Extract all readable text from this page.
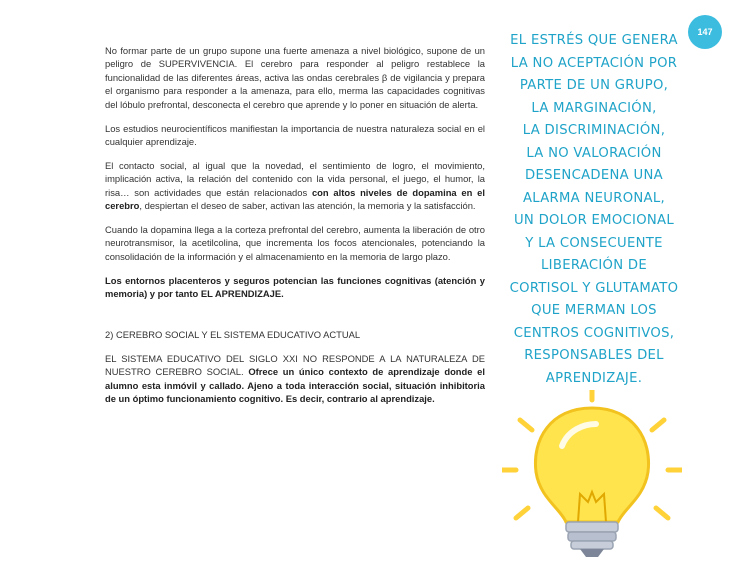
147

No formar parte de un grupo supone una fuerte amenaza a nivel biológico, supone de un peligro de SUPERVIVENCIA. El cerebro para responder al peligro restablece la funcionalidad de las diferentes áreas, activa las ondas cerebrales β de vigilancia y prepara el organismo para responder a la amenaza, para ello, merma las capacidades cognitivas del lóbulo prefrontal, desconecta el cerebro que aprende y lo poner en situación de alerta.

Los estudios neurocientíficos manifiestan la importancia de nuestra naturaleza social en el cualquier aprendizaje.

El contacto social, al igual que la novedad, el sentimiento de logro, el movimiento, implicación activa, la relación del contenido con la vida personal, el juego, el humor, la risa… son actividades que están relacionados con altos niveles de dopamina en el cerebro, despiertan el deseo de saber, activan las atención, la memoria y la satisfacción.

Cuando la dopamina llega a la corteza prefrontal del cerebro, aumenta la liberación de otro neurotransmisor, la acetilcolina, que incrementa los focos atencionales, potenciando la consolidación de la información y el almacenamiento en la memoria de largo plazo.

Los entornos placenteros y seguros potencian las funciones cognitivas (atención y memoria) y por tanto EL APRENDIZAJE.

2) CEREBRO SOCIAL Y EL SISTEMA EDUCATIVO ACTUAL

EL SISTEMA EDUCATIVO DEL SIGLO XXI NO RESPONDE A LA NATURALEZA DE NUESTRO CEREBRO SOCIAL. Ofrece un único contexto de aprendizaje donde el alumno esta inmóvil y callado. Ajeno a toda interacción social, situación inhibitoria de un óptimo funcionamiento cognitivo. Es decir, contrario al aprendizaje.

EL ESTRÉS QUE GENERA
LA NO ACEPTACIÓN POR
PARTE DE UN GRUPO,
LA MARGINACIÓN,
LA DISCRIMINACIÓN,
LA NO VALORACIÓN
DESENCADENA UNA
ALARMA NEURONAL,
UN DOLOR EMOCIONAL
Y LA CONSECUENTE
LIBERACIÓN DE
CORTISOL Y GLUTAMATO
QUE MERMAN LOS
CENTROS COGNITIVOS,
RESPONSABLES DEL
APRENDIZAJE.
